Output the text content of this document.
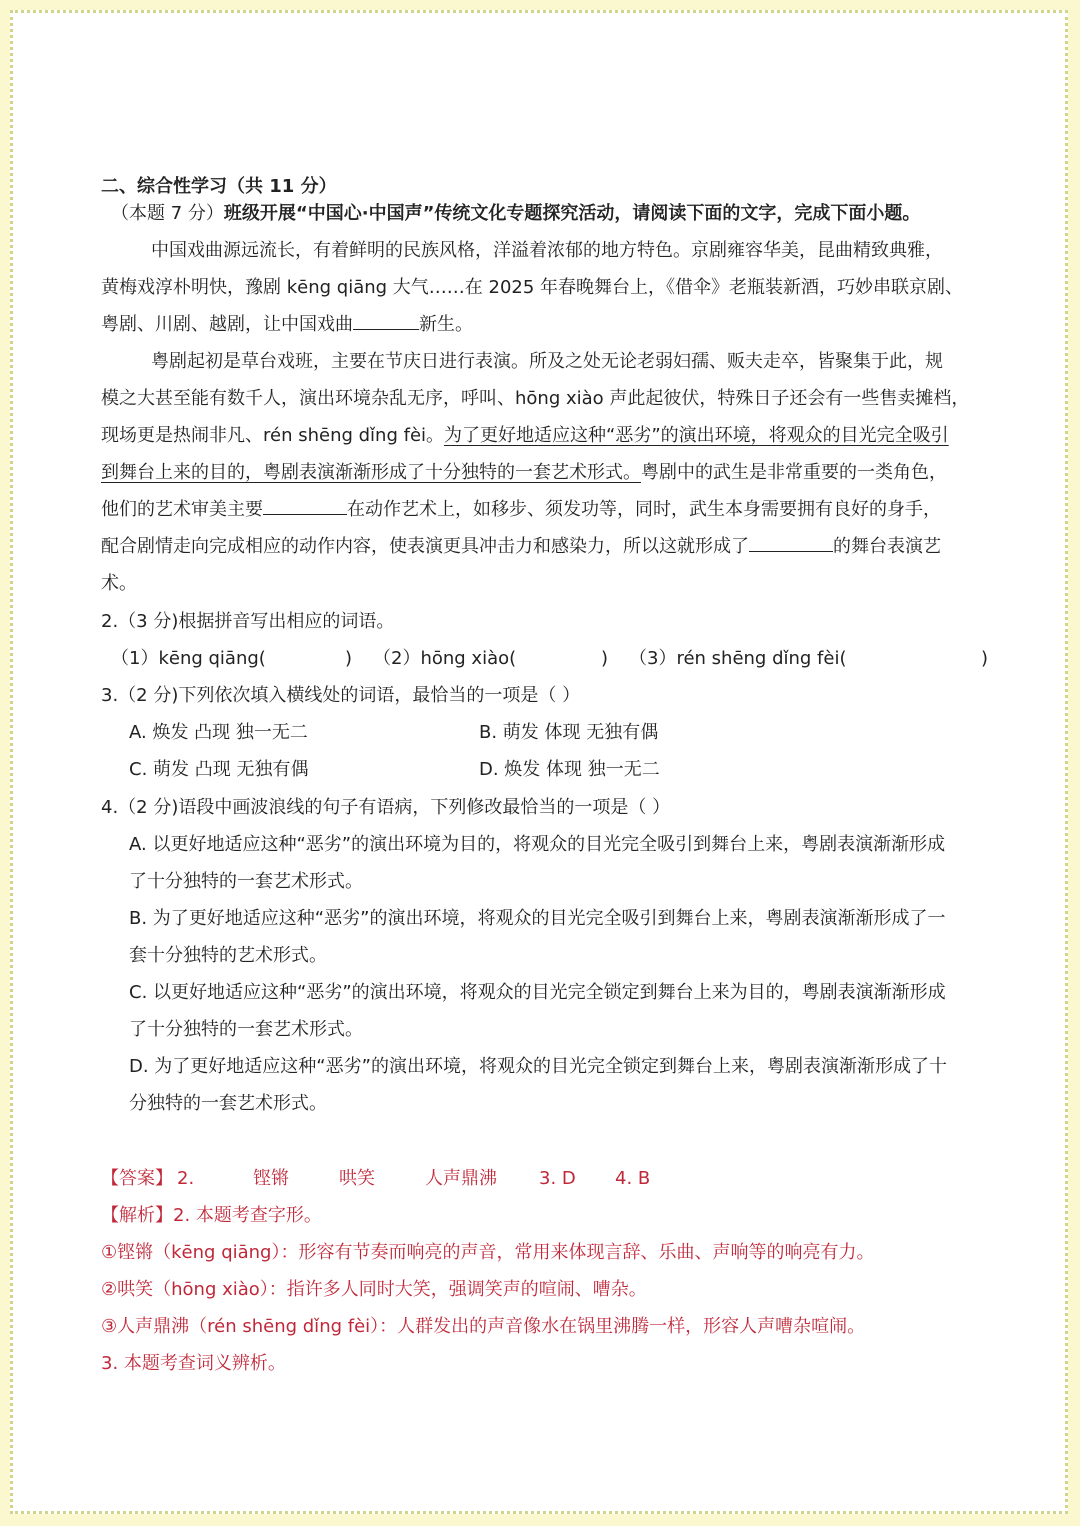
二、综合性学习（共 11 分）
（本题 7 分）班级开展“中国心·中国声”传统文化专题探究活动，请阅读下面的文字，完成下面小题。
中国戏曲源远流长，有着鲜明的民族风格，洋溢着浓郁的地方特色。京剧雍容华美，昆曲精致典雅，
黄梅戏淳朴明快，豫剧 kēng qiāng 大气……在 2025 年春晚舞台上，《借伞》老瓶装新酒，巧妙串联京剧、
粤剧、川剧、越剧，让中国戏曲	新生。
粤剧起初是草台戏班，主要在节庆日进行表演。所及之处无论老弱妇孺、贩夫走卒，皆聚集于此，规
模之大甚至能有数千人，演出环境杂乱无序，呼叫、hōng xiào 声此起彼伏，特殊日子还会有一些售卖摊档，
现场更是热闹非凡、rén shēng dǐng fèi。为了更好地适应这种“恶劣”的演出环境，将观众的目光完全吸引
到舞台上来的目的，粤剧表演渐渐形成了十分独特的一套艺术形式。粤剧中的武生是非常重要的一类角色，
他们的艺术审美主要	在动作艺术上，如移步、须发功等，同时，武生本身需要拥有良好的身手，
配合剧情走向完成相应的动作内容，使表演更具冲击力和感染力，所以这就形成了	的舞台表演艺
术。
2.（3 分)根据拼音写出相应的词语。
（1）kēng qiāng(	) （2）hōng xiào(	) （3）rén shēng dǐng fèi(	)
3.（2 分)下列依次填入横线处的词语，最恰当的一项是（ ）
A. 焕发 凸现 独一无二	B. 萌发 体现 无独有偶
C. 萌发 凸现 无独有偶	D. 焕发 体现 独一无二
4.（2 分)语段中画波浪线的句子有语病，下列修改最恰当的一项是（ ）
A. 以更好地适应这种“恶劣”的演出环境为目的，将观众的目光完全吸引到舞台上来，粤剧表演渐渐形成
了十分独特的一套艺术形式。
B. 为了更好地适应这种“恶劣”的演出环境，将观众的目光完全吸引到舞台上来，粤剧表演渐渐形成了一
套十分独特的艺术形式。
C. 以更好地适应这种“恶劣”的演出环境，将观众的目光完全锁定到舞台上来为目的，粤剧表演渐渐形成
了十分独特的一套艺术形式。
D. 为了更好地适应这种“恶劣”的演出环境，将观众的目光完全锁定到舞台上来，粤剧表演渐渐形成了十
分独特的一套艺术形式。
【答案】 2.	铿锵	哄笑	人声鼎沸 3. D 4. B
【解析】2. 本题考查字形。
①铿锵（kēng qiāng）：形容有节奏而响亮的声音，常用来体现言辞、乐曲、声响等的响亮有力。
②哄笑（hōng xiào）：指许多人同时大笑，强调笑声的喧闹、嘈杂。
③人声鼎沸（rén shēng dǐng fèi）：人群发出的声音像水在锅里沸腾一样，形容人声嘈杂喧闹。
3. 本题考查词义辨析。
